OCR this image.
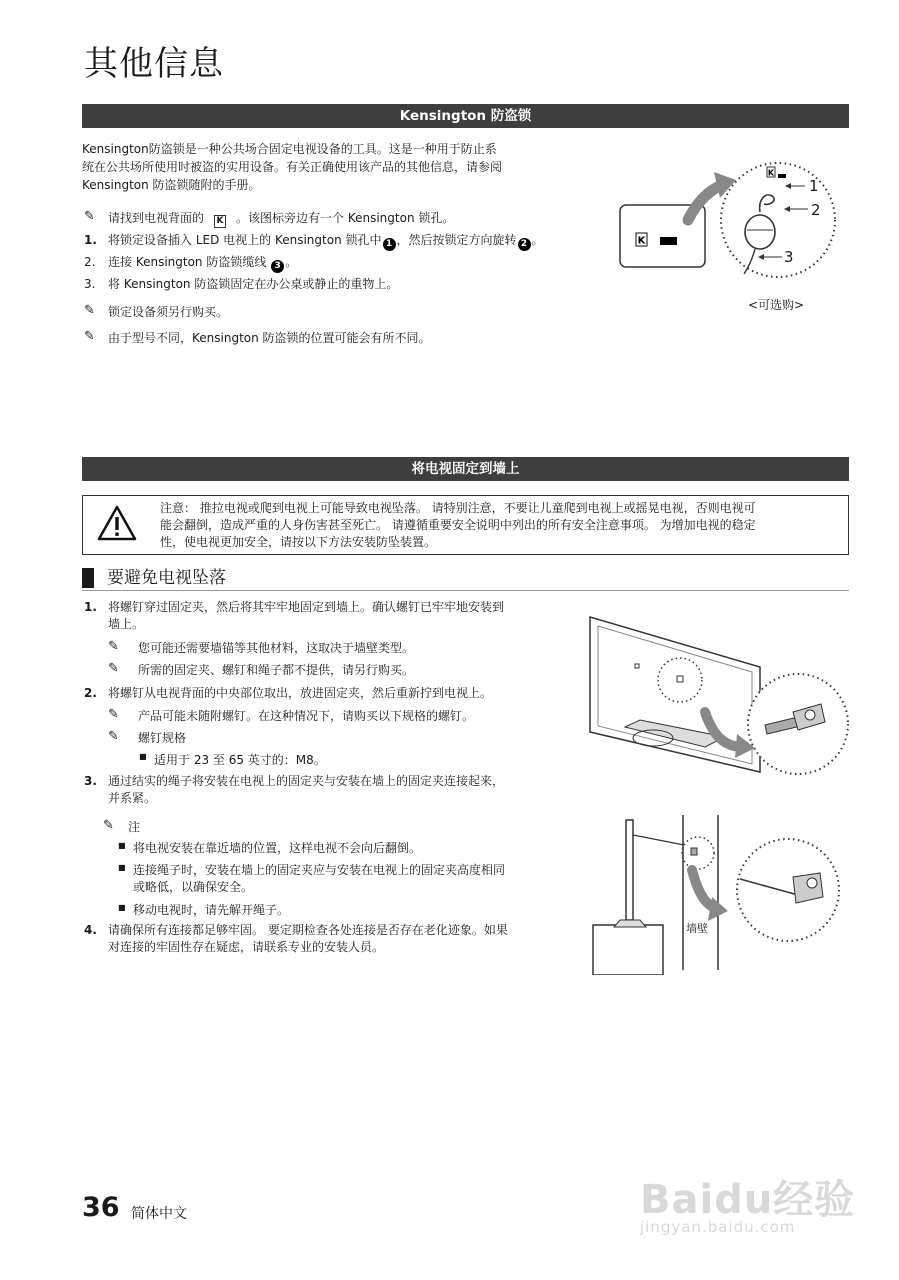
其他信息
Kensington 防盗锁
Kensington防盗锁是一种公共场合固定电视设备的工具。这是一种用于防止系
统在公共场所使用时被盗的实用设备。有关正确使用该产品的其他信息，请参阅
Kensington 防盗锁随附的手册。
✎ 请找到电视背面的 K 。该图标旁边有一个 Kensington 锁孔。
1. 将锁定设备插入 LED 电视上的 Kensington 锁孔中 1 ，然后按锁定方向旋转 2 。
2. 连接 Kensington 防盗锁缆线 3 。
3. 将 Kensington 防盗锁固定在办公桌或静止的重物上。
✎ 锁定设备须另行购买。
✎ 由于型号不同，Kensington 防盗锁的位置可能会有所不同。
K
K
1
2
3
<可选购>
将电视固定到墙上
注意： 推拉电视或爬到电视上可能导致电视坠落。 请特别注意，不要让儿童爬到电视上或摇晃电视，否则电视可
能会翻倒，造成严重的人身伤害甚至死亡。 请遵循重要安全说明中列出的所有安全注意事项。 为增加电视的稳定
性，使电视更加安全，请按以下方法安装防坠装置。
要避免电视坠落
1. 将螺钉穿过固定夹，然后将其牢牢地固定到墙上。确认螺钉已牢牢地安装到
墙上。
✎ 您可能还需要墙锚等其他材料，这取决于墙壁类型。
✎ 所需的固定夹、螺钉和绳子都不提供，请另行购买。
2. 将螺钉从电视背面的中央部位取出，放进固定夹，然后重新拧到电视上。
✎ 产品可能未随附螺钉。在这种情况下，请购买以下规格的螺钉。
✎ 螺钉规格
■ 适用于 23 至 65 英寸的：M8。
3. 通过结实的绳子将安装在电视上的固定夹与安装在墙上的固定夹连接起来，
并系紧。
✎ 注
■ 将电视安装在靠近墙的位置，这样电视不会向后翻倒。
■ 连接绳子时，安装在墙上的固定夹应与安装在电视上的固定夹高度相同
或略低，以确保安全。
■ 移动电视时，请先解开绳子。
4. 请确保所有连接都足够牢固。 要定期检查各处连接是否存在老化迹象。如果
对连接的牢固性存在疑虑，请联系专业的安装人员。
墙壁
36 简体中文	Baidu经验
jingyan.baidu.com
